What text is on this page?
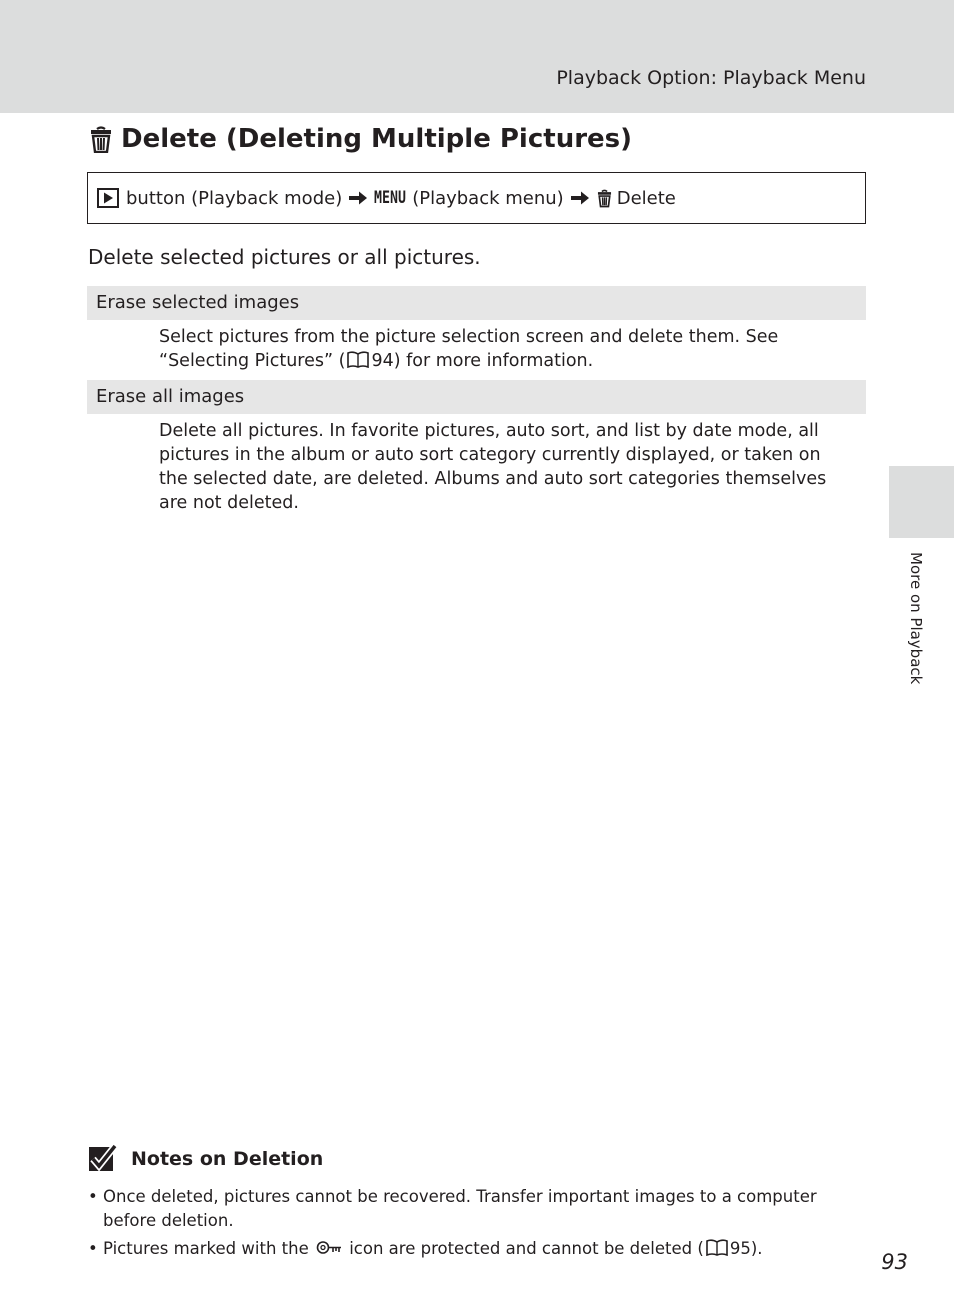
Playback Option: Playback Menu
Delete (Deleting Multiple Pictures)
button (Playback mode) MENU (Playback menu)	Delete
Delete selected pictures or all pictures.
Erase selected images
Select pictures from the picture selection screen and delete them. See “Selecting Pictures” ( 94) for more information.
Erase all images
Delete all pictures. In favorite pictures, auto sort, and list by date mode, all pictures in the album or auto sort category currently displayed, or taken on the selected date, are deleted. Albums and auto sort categories themselves are not deleted.
More on Playback
Notes on Deletion
• Once deleted, pictures cannot be recovered. Transfer important images to a computer before deletion.
• Pictures marked with the icon are protected and cannot be deleted ( 95).
93
